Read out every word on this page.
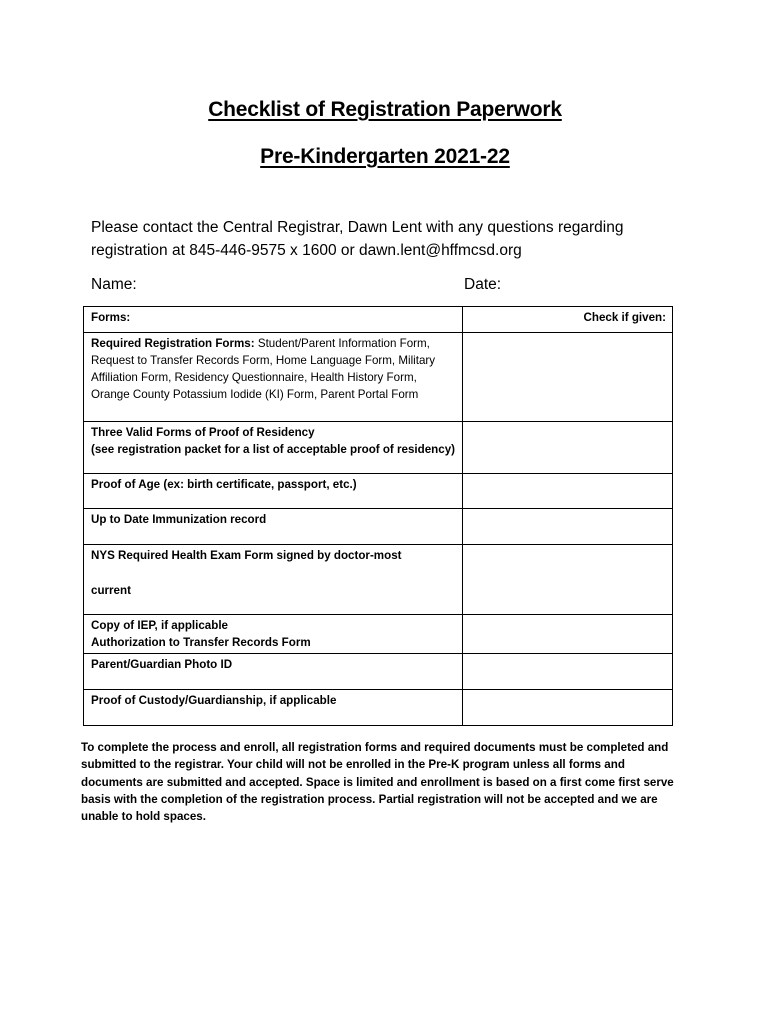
Checklist of Registration Paperwork
Pre-Kindergarten 2021-22

Please contact the Central Registrar, Dawn Lent with any questions regarding

registration at 845-446-9575 x 1600 or dawn.lent@hffmcsd.org

Name:	Date:
Forms:	Check if given:
Required Registration Forms: Student/Parent Information Form, Request to Transfer Records Form, Home Language Form, Military Affiliation Form, Residency Questionnaire, Health History Form, Orange County Potassium Iodide (KI) Form, Parent Portal Form	

Three Valid Forms of Proof of Residency
(see registration packet for a list of acceptable proof of residency)	

Proof of Age (ex: birth certificate, passport, etc.)	
Up to Date Immunization record	

NYS Required Health Exam Form signed by doctor-most
current	

Copy of IEP, if applicable
Authorization to Transfer Records Form	

Parent/Guardian Photo ID	
Proof of Custody/Guardianship, if applicable	

To complete the process and enroll, all registration forms and required documents must be completed and submitted to the registrar. Your child will not be enrolled in the Pre-K program unless all forms and documents are submitted and accepted. Space is limited and enrollment is based on a first come first serve basis with the completion of the registration process. Partial registration will not be accepted and we are unable to hold spaces.
